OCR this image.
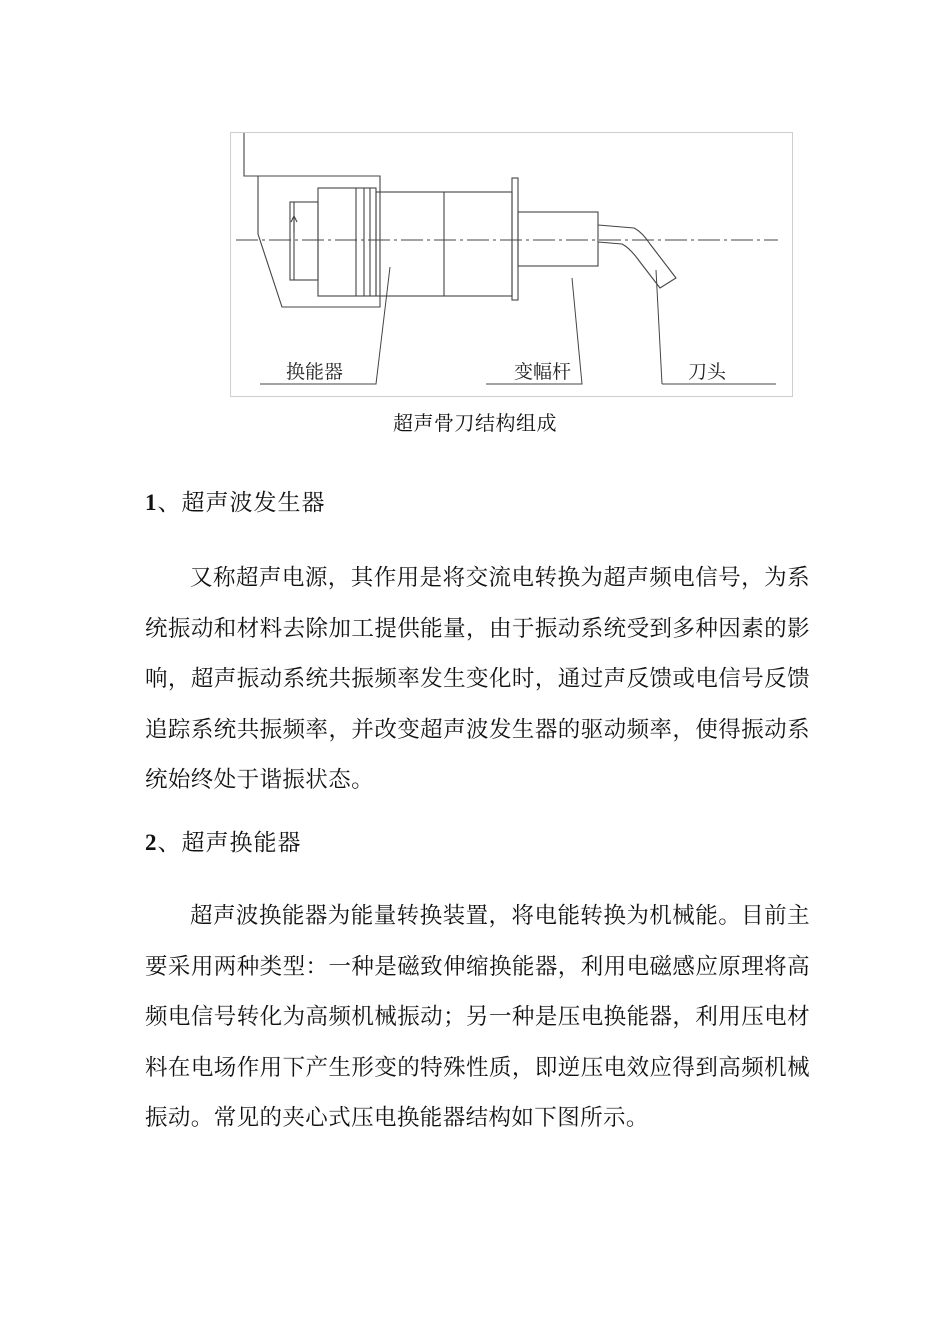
换能器	变幅杆	刀头
超声骨刀结构组成
1、超声波发生器

又称超声电源，其作用是将交流电转换为超声频电信号，为系统振动和材料去除加工提供能量，由于振动系统受到多种因素的影响，超声振动系统共振频率发生变化时，通过声反馈或电信号反馈追踪系统共振频率，并改变超声波发生器的驱动频率，使得振动系统始终处于谐振状态。

2、超声换能器

超声波换能器为能量转换装置，将电能转换为机械能。目前主要采用两种类型：一种是磁致伸缩换能器，利用电磁感应原理将高频电信号转化为高频机械振动；另一种是压电换能器，利用压电材料在电场作用下产生形变的特殊性质，即逆压电效应得到高频机械振动。常见的夹心式压电换能器结构如下图所示。
